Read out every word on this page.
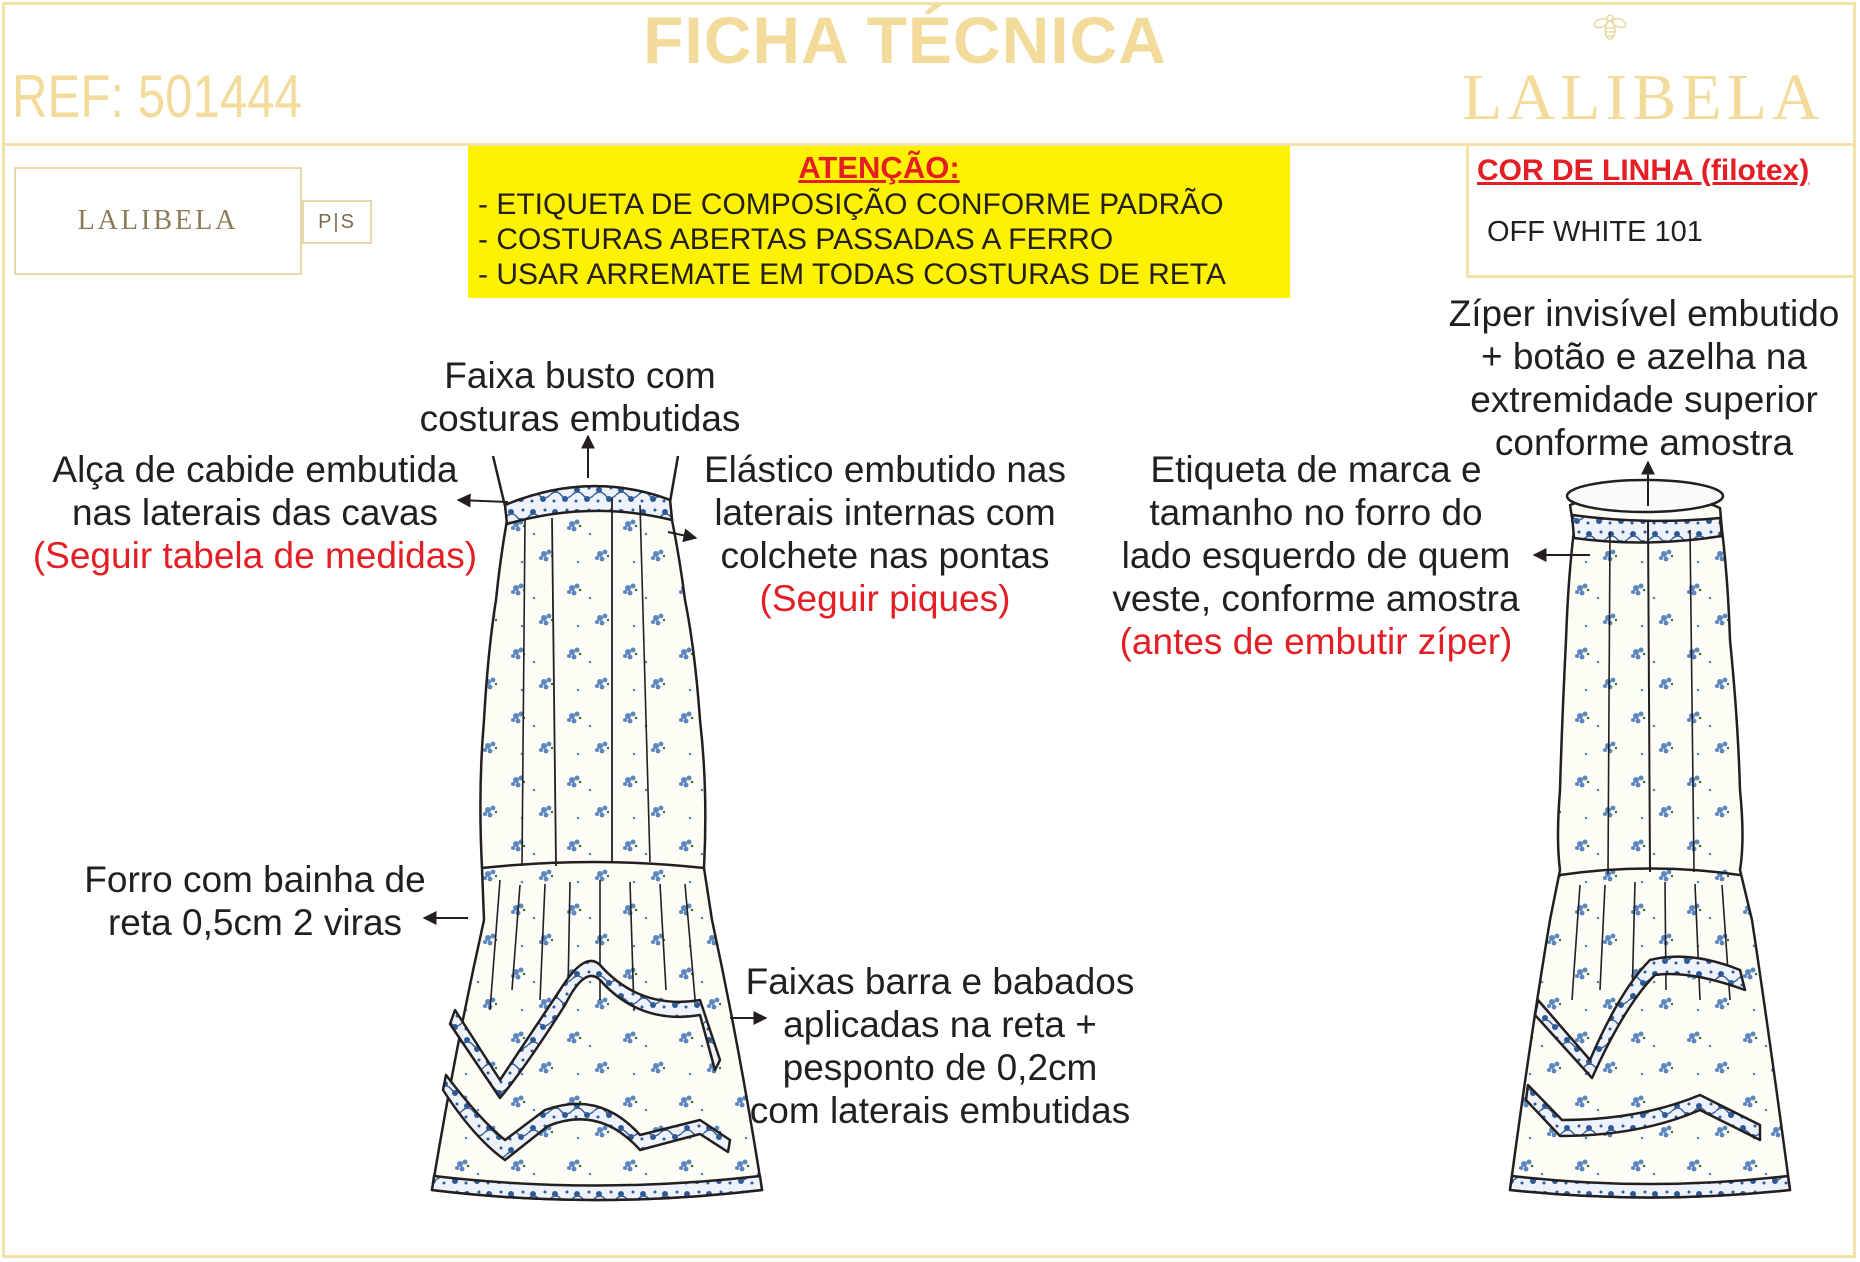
FICHA TÉCNICA
REF: 501444	LALIBELA
LALIBELA	P|S
ATENÇÃO:
- ETIQUETA DE COMPOSIÇÃO CONFORME PADRÃO
- COSTURAS ABERTAS PASSADAS A FERRO
- USAR ARREMATE EM TODAS COSTURAS DE RETA
COR DE LINHA (filotex)
OFF WHITE 101
Faixa busto com
costuras embutidas
Alça de cabide embutida
nas laterais das cavas
(Seguir tabela de medidas)
Elástico embutido nas
laterais internas com
colchete nas pontas
(Seguir piques)
Forro com bainha de
reta 0,5cm 2 viras
Faixas barra e babados
aplicadas na reta +
pesponto de 0,2cm
com laterais embutidas
Zíper invisível embutido
+ botão e azelha na
extremidade superior
conforme amostra
Etiqueta de marca e
tamanho no forro do
lado esquerdo de quem
veste, conforme amostra
(antes de embutir zíper)
